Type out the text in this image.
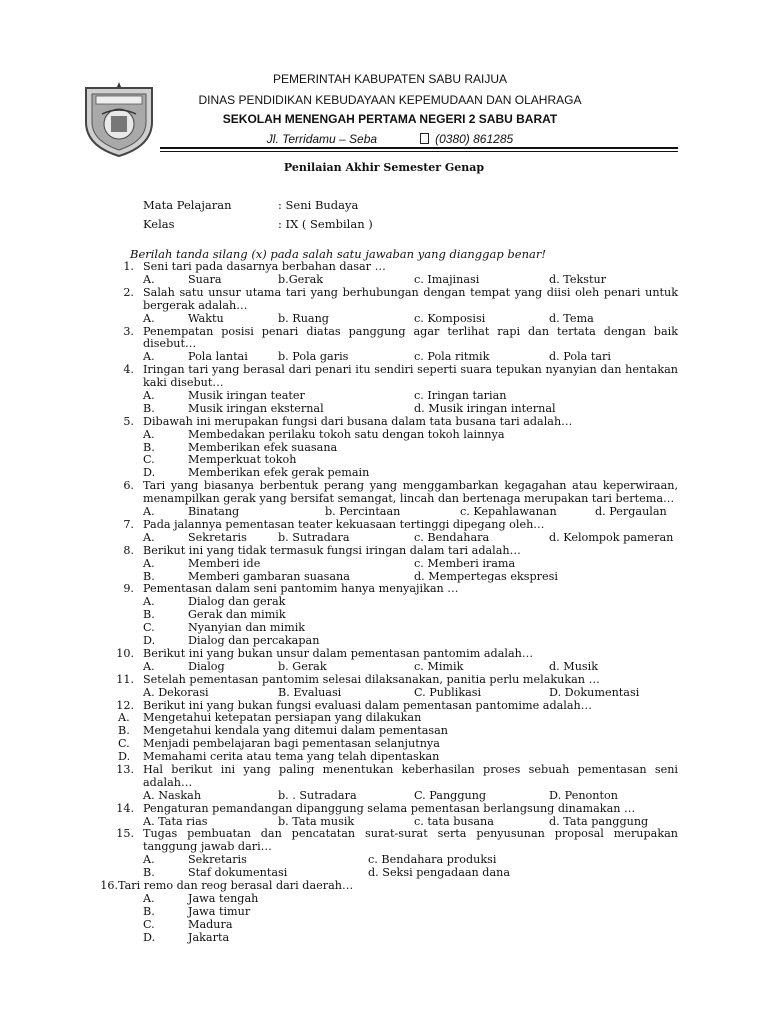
PEMERINTAH KABUPATEN SABU RAIJUA
DINAS PENDIDIKAN KEBUDAYAAN KEPEMUDAAN DAN OLAHRAGA
SEKOLAH MENENGAH PERTAMA NEGERI 2 SABU BARAT
Jl. Terridamu – Seba	(0380) 861285
Penilaian Akhir Semester Genap
Mata Pelajaran	: Seni Budaya
Kelas	: IX ( Sembilan )
Berilah tanda silang (x) pada salah satu jawaban yang dianggap benar!
1. Seni tari pada dasarnya berbahan dasar …
A.	Suara	b.Gerak	c. Imajinasi	d. Tekstur
2. Salah satu unsur utama tari yang berhubungan dengan tempat yang diisi oleh penari untuk bergerak adalah…
A.	Waktu	b. Ruang	c. Komposisi	d. Tema
3. Penempatan posisi penari diatas panggung agar terlihat rapi dan tertata dengan baik disebut…
A.	Pola lantai	b. Pola garis	c. Pola ritmik	d. Pola tari
4. Iringan tari yang berasal dari penari itu sendiri seperti suara tepukan nyanyian dan hentakan kaki disebut…
A.	Musik iringan teater	c. Iringan tarian
B.	Musik iringan eksternal	d. Musik iringan internal
5. Dibawah ini merupakan fungsi dari busana dalam tata busana tari adalah…
A.	Membedakan perilaku tokoh satu dengan tokoh lainnya
B.	Memberikan efek suasana
C.	Memperkuat tokoh
D.	Memberikan efek gerak pemain
6. Tari yang biasanya berbentuk perang yang menggambarkan kegagahan atau keperwiraan, menampilkan gerak yang bersifat semangat, lincah dan bertenaga merupakan tari bertema…
A.	Binatang	b. Percintaan	c. Kepahlawanan	d. Pergaulan
7. Pada jalannya pementasan teater kekuasaan tertinggi dipegang oleh…
A.	Sekretaris	b. Sutradara	c. Bendahara	d. Kelompok pameran
8. Berikut ini yang tidak termasuk fungsi iringan dalam tari adalah…
A.	Memberi ide	c. Memberi irama
B.	Memberi gambaran suasana	d. Mempertegas ekspresi
9. Pementasan dalam seni pantomim hanya menyajikan …
A.	Dialog dan gerak
B.	Gerak dan mimik
C.	Nyanyian dan mimik
D.	Dialog dan percakapan
10. Berikut ini yang bukan unsur dalam pementasan pantomim adalah…
A.	Dialog	b. Gerak	c. Mimik	d. Musik
11. Setelah pementasan pantomim selesai dilaksanakan, panitia perlu melakukan …
A. Dekorasi	B. Evaluasi	C. Publikasi	D. Dokumentasi
12. Berikut ini yang bukan fungsi evaluasi dalam pementasan pantomime adalah…
A. Mengetahui ketepatan persiapan yang dilakukan
B. Mengetahui kendala yang ditemui dalam pementasan
C. Menjadi pembelajaran bagi pementasan selanjutnya
D. Memahami cerita atau tema yang telah dipentaskan
13. Hal berikut ini yang paling menentukan keberhasilan proses sebuah pementasan seni adalah…
A. Naskah	b. . Sutradara	C. Panggung	D. Penonton
14. Pengaturan pemandangan dipanggung selama pementasan berlangsung dinamakan …
A. Tata rias	b. Tata musik	c. tata busana	d. Tata panggung
15. Tugas pembuatan dan pencatatan surat-surat serta penyusunan proposal merupakan tanggung jawab dari…
A.	Sekretaris	c. Bendahara produksi
B.	Staf dokumentasi	d. Seksi pengadaan dana
16. Tari remo dan reog berasal dari daerah…
A.	Jawa tengah
B.	Jawa timur
C.	Madura
D.	Jakarta
